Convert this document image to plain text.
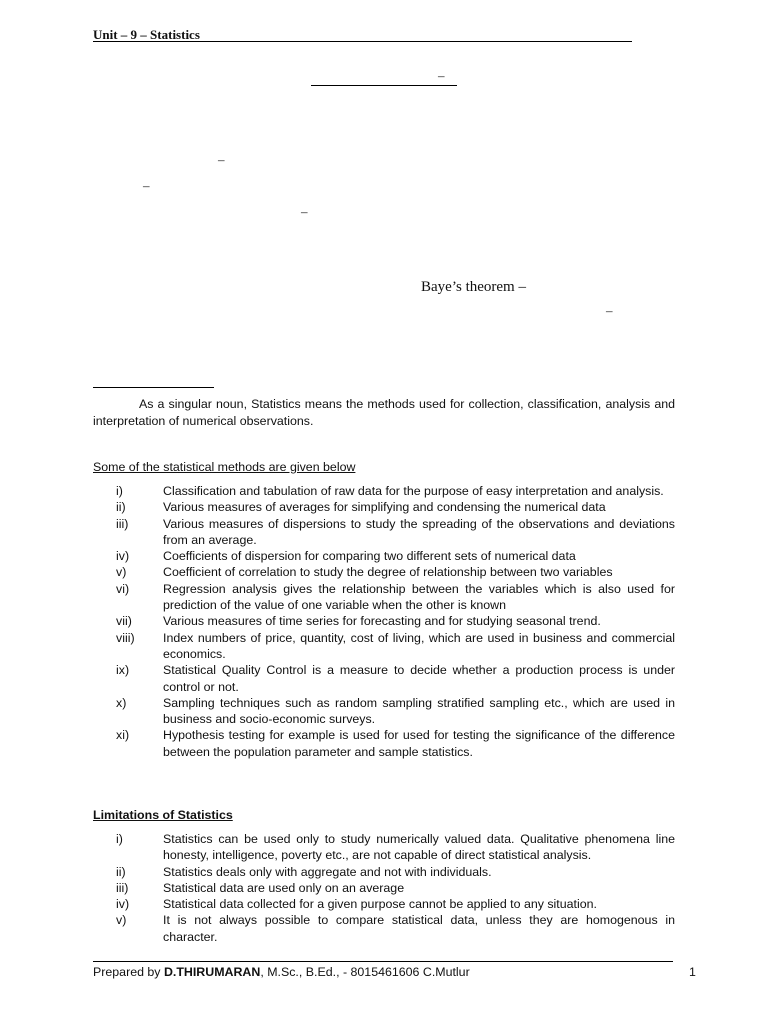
Unit – 9 – Statistics
–
–
–
–
Baye’s theorem –
–

As a singular noun, Statistics means the methods used for collection, classification, analysis and interpretation of numerical observations.

Some of the statistical methods are given below
i)	Classification and tabulation of raw data for the purpose of easy interpretation and analysis.
ii)	Various measures of averages for simplifying and condensing the numerical data
iii)	Various measures of dispersions to study the spreading of the observations and deviations from an average.
iv)	Coefficients of dispersion for comparing two different sets of numerical data
v)	Coefficient of correlation to study the degree of relationship between two variables
vi)	Regression analysis gives the relationship between the variables which is also used for prediction of the value of one variable when the other is known
vii)	Various measures of time series for forecasting and for studying seasonal trend.
viii)	Index numbers of price, quantity, cost of living, which are used in business and commercial economics.
ix)	Statistical Quality Control is a measure to decide whether a production process is under control or not.
x)	Sampling techniques such as random sampling stratified sampling etc., which are used in business and socio-economic surveys.
xi)	Hypothesis testing for example is used for used for testing the significance of the difference between the population parameter and sample statistics.
Limitations of Statistics
i)	Statistics can be used only to study numerically valued data. Qualitative phenomena line honesty, intelligence, poverty etc., are not capable of direct statistical analysis.
ii)	Statistics deals only with aggregate and not with individuals.
iii)	Statistical data are used only on an average
iv)	Statistical data collected for a given purpose cannot be applied to any situation.
v)	It is not always possible to compare statistical data, unless they are homogenous in character.
Prepared by D.THIRUMARAN, M.Sc., B.Ed., - 8015461606 C.Mutlur	1
